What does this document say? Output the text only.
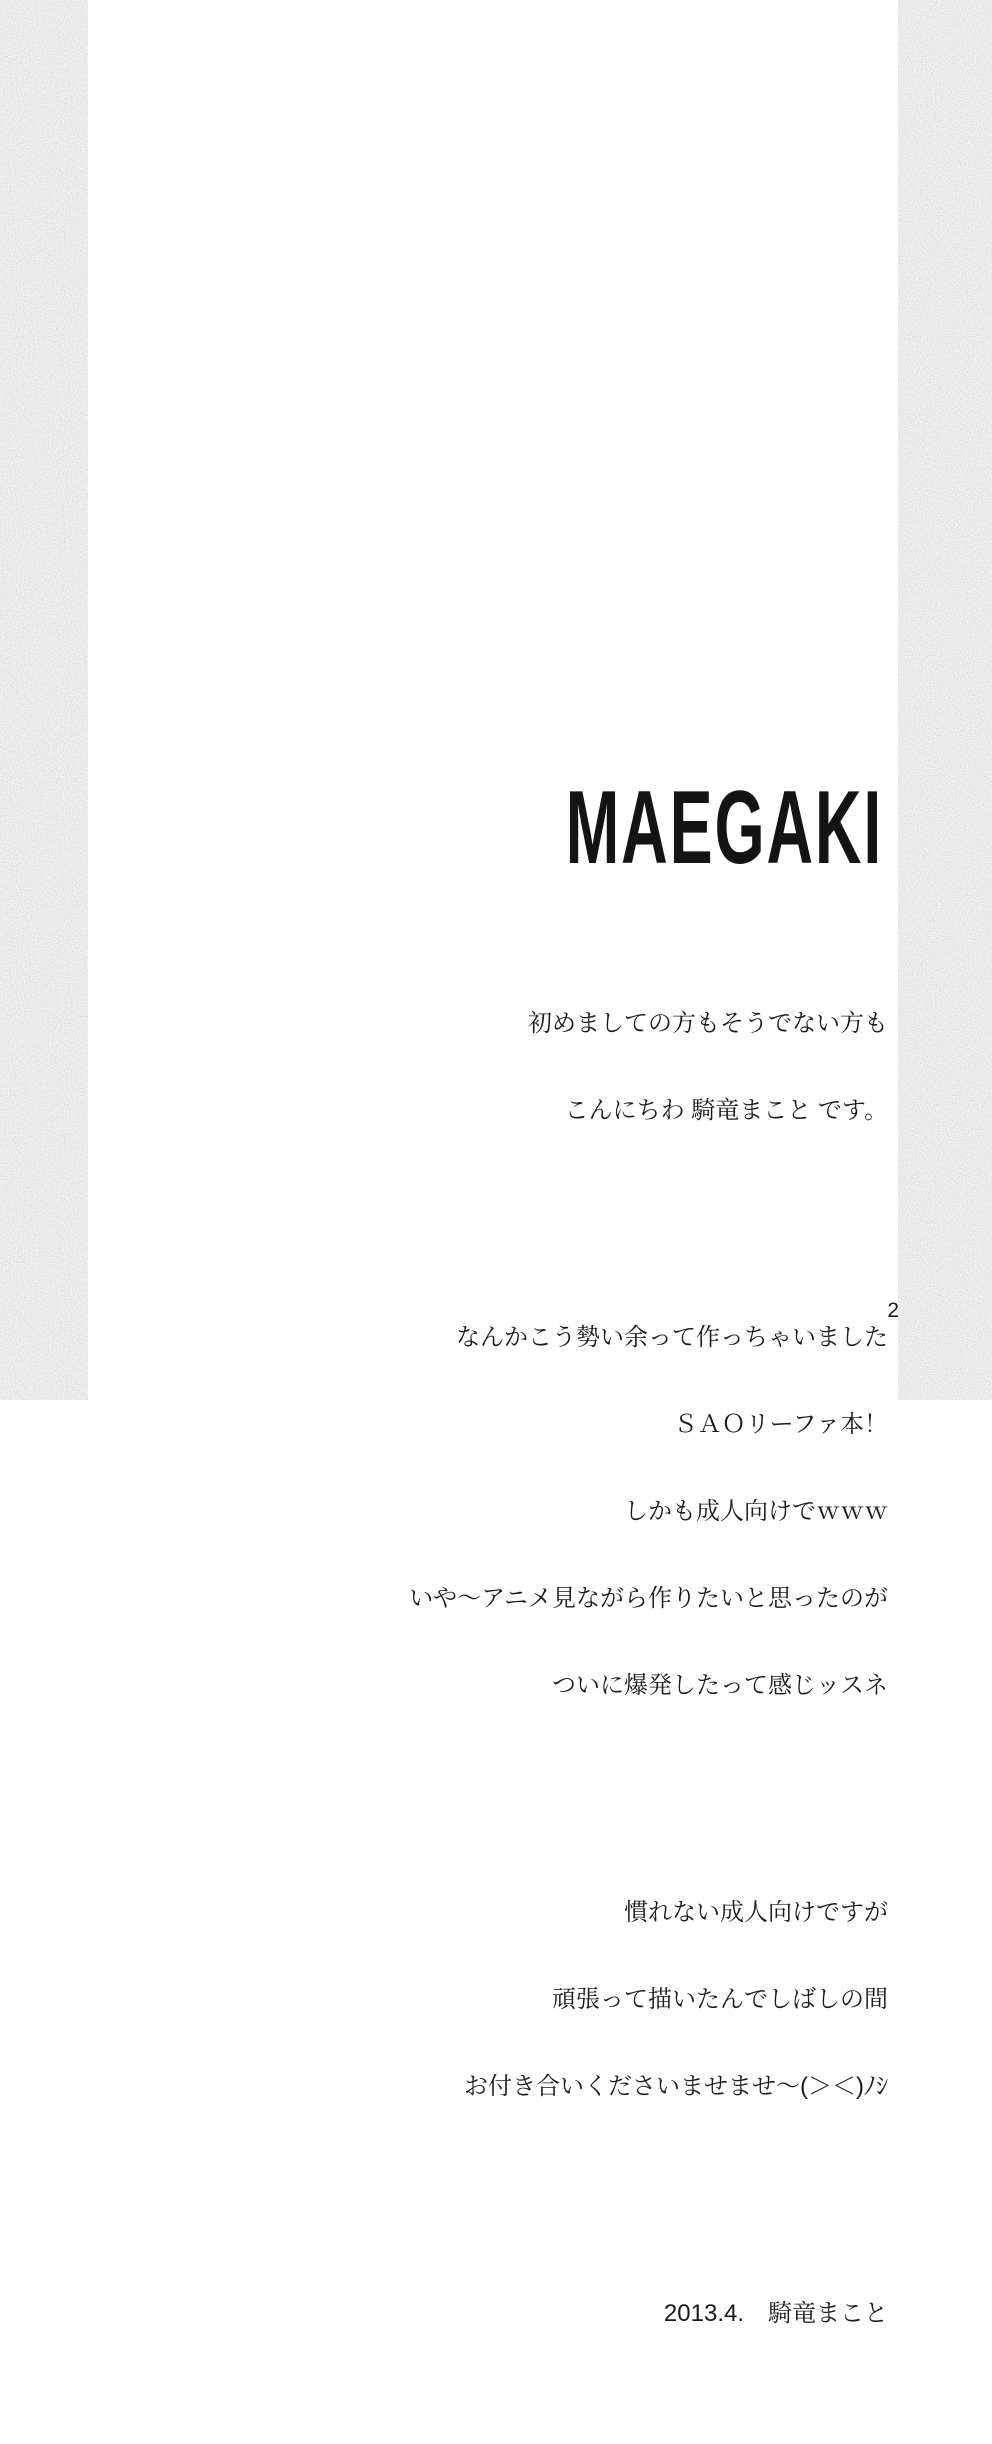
MAEGAKI

初めましての方もそうでない方も

こんにちわ 騎竜まこと です。

なんかこう勢い余って作っちゃいました

ＳＡＯリーファ本！

しかも成人向けでｗｗｗ

いや～アニメ見ながら作りたいと思ったのが

ついに爆発したって感じッスネ

慣れない成人向けですが

頑張って描いたんでしばしの間

お付き合いくださいませませ～(＞＜)ﾉｼ

2013.4.　騎竜まこと

2
